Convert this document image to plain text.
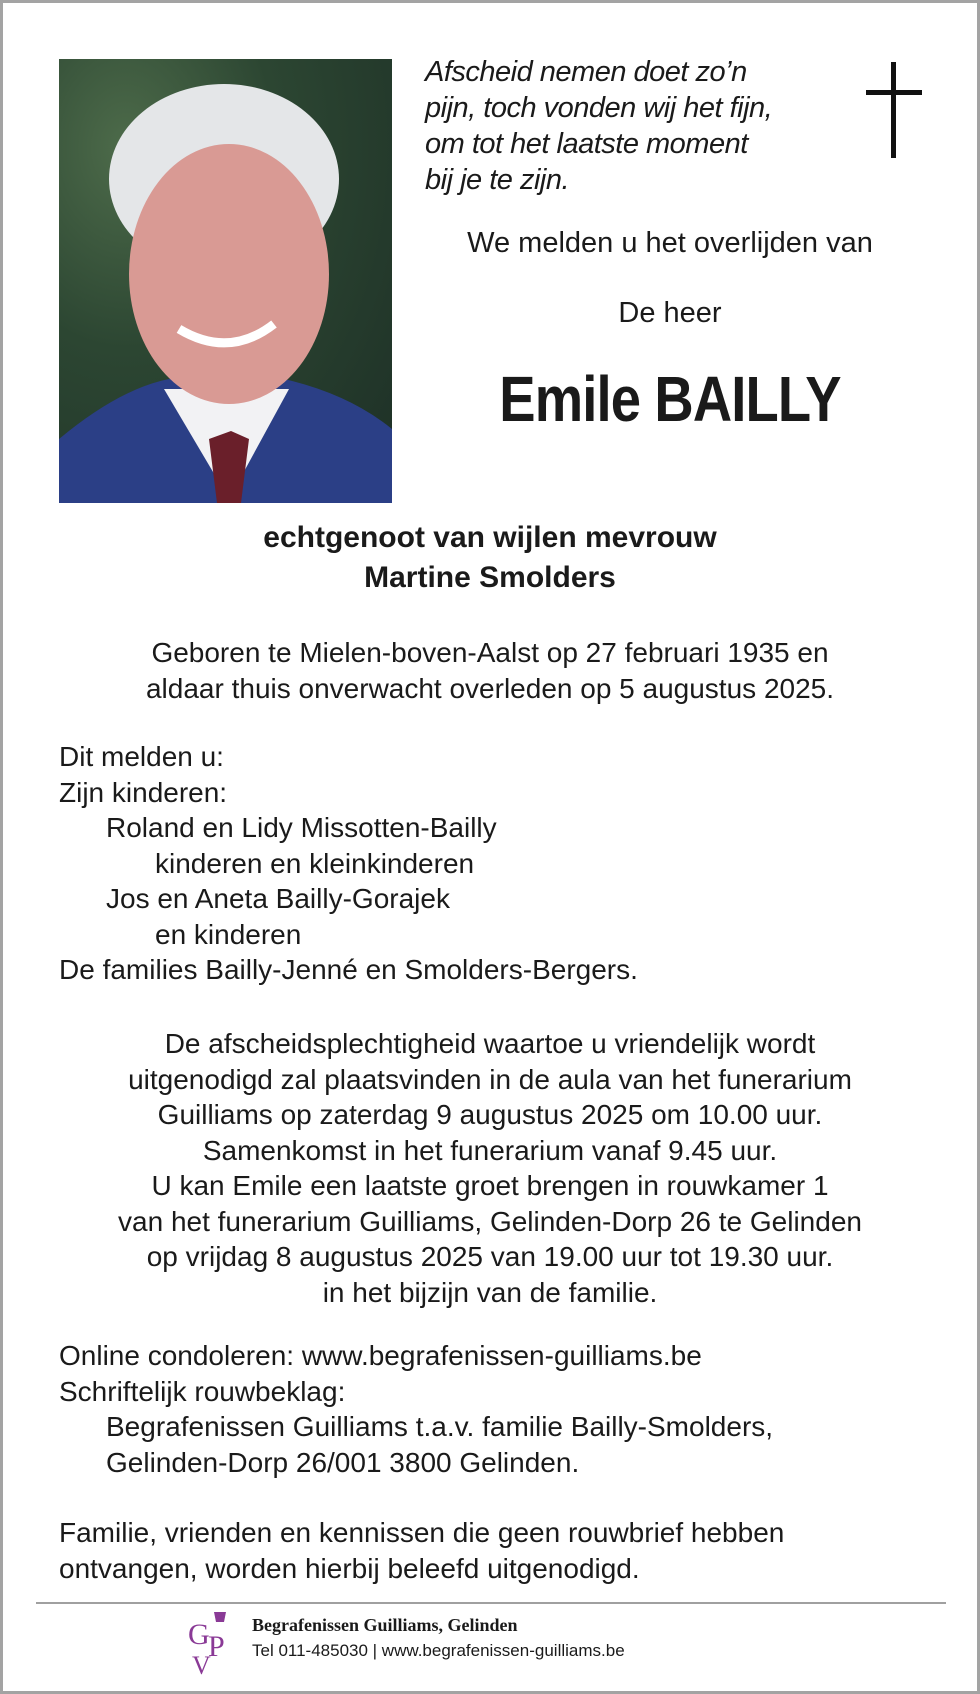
Afscheid nemen doet zo’n
pijn, toch vonden wij het fijn,
om tot het laatste moment
bij je te zijn.
We melden u het overlijden van
De heer
Emile BAILLY
echtgenoot van wijlen mevrouw
Martine Smolders
Geboren te Mielen-boven-Aalst op 27 februari 1935 en
aldaar thuis onverwacht overleden op 5 augustus 2025.
Dit melden u:
Zijn kinderen:
Roland en Lidy Missotten-Bailly
kinderen en kleinkinderen
Jos en Aneta Bailly-Gorajek
en kinderen
De families Bailly-Jenné en Smolders-Bergers.
De afscheidsplechtigheid waartoe u vriendelijk wordt
uitgenodigd zal plaatsvinden in de aula van het funerarium
Guilliams op zaterdag 9 augustus 2025 om 10.00 uur.
Samenkomst in het funerarium vanaf 9.45 uur.
U kan Emile een laatste groet brengen in rouwkamer 1
van het funerarium Guilliams, Gelinden-Dorp 26 te Gelinden
op vrijdag 8 augustus 2025 van 19.00 uur tot 19.30 uur.
in het bijzijn van de familie.
Online condoleren: www.begrafenissen-guilliams.be
Schriftelijk rouwbeklag:
Begrafenissen Guilliams t.a.v. familie Bailly-Smolders,
Gelinden-Dorp 26/001 3800 Gelinden.
Familie, vrienden en kennissen die geen rouwbrief hebben
ontvangen, worden hierbij beleefd uitgenodigd.
G
P
V
Begrafenissen Guilliams, Gelinden
Tel 011-485030 | www.begrafenissen-guilliams.be
